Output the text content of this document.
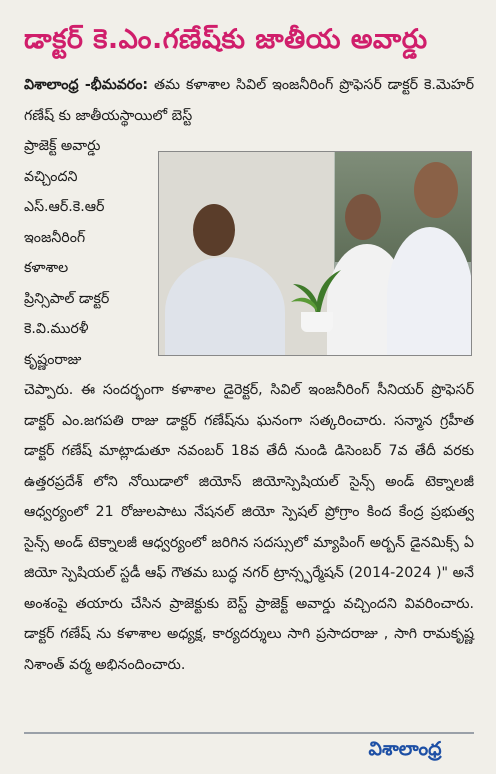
డాక్టర్ కె.ఎం.గణేష్‌కు జాతీయ అవార్డు
విశాలాంధ్ర -భీమవరం: తమ కళాశాల సివిల్ ఇంజనీరింగ్ ప్రొఫెసర్ డాక్టర్ కె.మెహర్ గణేష్ కు జాతీయస్థాయిలో బెస్ట్
ప్రాజెక్ట్ అవార్డు
వచ్చిందని
ఎస్.ఆర్.కె.ఆర్
ఇంజనీరింగ్
కళాశాల
ప్రిన్సిపాల్ డాక్టర్
కె.వి.మురళీ
కృష్ణంరాజు
చెప్పారు. ఈ సందర్భంగా కళాశాల డైరెక్టర్, సివిల్ ఇంజనీరింగ్ సీనియర్ ప్రొఫెసర్ డాక్టర్ ఎం.జగపతి రాజు డాక్టర్ గణేష్‌ను ఘనంగా సత్కరించారు. సన్మాన గ్రహీత డాక్టర్ గణేష్ మాట్లాడుతూ నవంబర్ 18వ తేదీ నుండి డిసెంబర్ 7వ తేదీ వరకు ఉత్తరప్రదేశ్ లోని నోయిడాలో జియోస్ జియోస్పెషియల్ సైన్స్ అండ్ టెక్నాలజీ ఆధ్వర్యంలో 21 రోజులపాటు నేషనల్ జియో స్పెషల్ ప్రోగ్రాం కింద కేంద్ర ప్రభుత్వ సైన్స్ అండ్ టెక్నాలజీ ఆధ్వర్యంలో జరిగిన సదస్సులో మ్యాపింగ్ అర్బన్ డైనమిక్స్ ఏ జియో స్పెషియల్ స్టడీ ఆఫ్ గౌతమ బుద్ధ నగర్ ట్రాన్స్ఫర్మేషన్ (2014-2024 )" అనే అంశంపై తయారు చేసిన ప్రాజెక్టుకు బెస్ట్ ప్రాజెక్ట్ అవార్డు వచ్చిందని వివరించారు. డాక్టర్ గణేష్ ను కళాశాల అధ్యక్ష, కార్యదర్శులు సాగి ప్రసాదరాజు , సాగి రామకృష్ణ నిశాంత్ వర్మ అభినందించారు.
విశాలాంధ్ర
